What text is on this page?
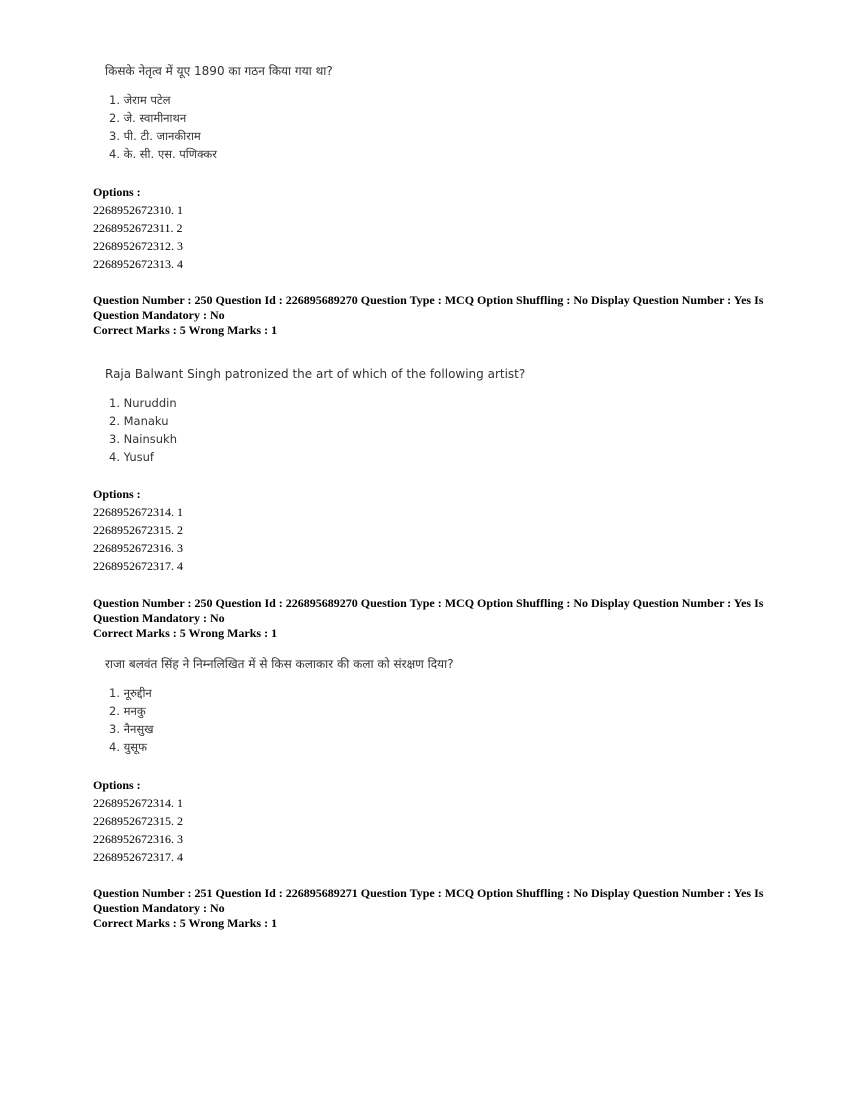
किसके नेतृत्व में यूए 1890 का गठन किया गया था?
1. जेराम पटेल
2. जे. स्वामीनाथन
3. पी. टी. जानकीराम
4. के. सी. एस. पणिक्कर
Options :
2268952672310. 1
2268952672311. 2
2268952672312. 3
2268952672313. 4
Question Number : 250 Question Id : 226895689270 Question Type : MCQ Option Shuffling : No Display Question Number : Yes Is Question Mandatory : No
Correct Marks : 5 Wrong Marks : 1
Raja Balwant Singh patronized the art of which of the following artist?
1. Nuruddin
2. Manaku
3. Nainsukh
4. Yusuf
Options :
2268952672314. 1
2268952672315. 2
2268952672316. 3
2268952672317. 4
Question Number : 250 Question Id : 226895689270 Question Type : MCQ Option Shuffling : No Display Question Number : Yes Is Question Mandatory : No
Correct Marks : 5 Wrong Marks : 1
राजा बलवंत सिंह ने निम्नलिखित में से किस कलाकार की कला को संरक्षण दिया?
1. नूरुद्दीन
2. मनकु
3. नैनसुख
4. युसूफ
Options :
2268952672314. 1
2268952672315. 2
2268952672316. 3
2268952672317. 4
Question Number : 251 Question Id : 226895689271 Question Type : MCQ Option Shuffling : No Display Question Number : Yes Is Question Mandatory : No
Correct Marks : 5 Wrong Marks : 1
